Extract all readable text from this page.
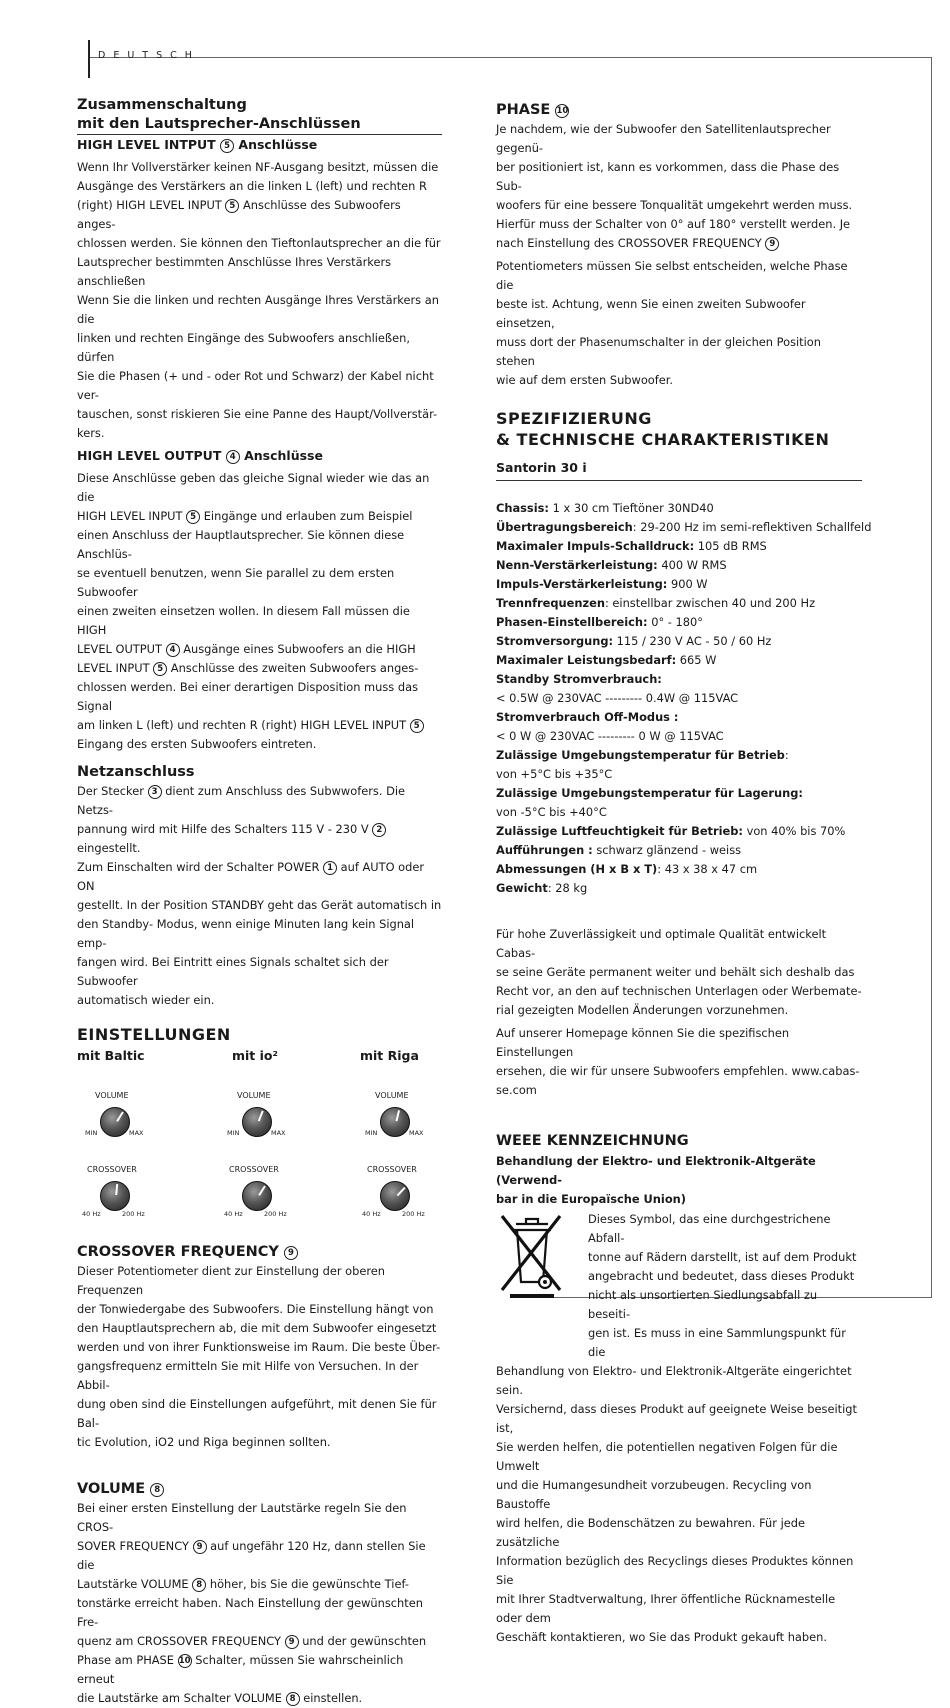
DEUTSCH
Zusammenschaltung
mit den Lautsprecher-Anschlüssen
HIGH LEVEL INTPUT 5 Anschlüsse

Wenn Ihr Vollverstärker keinen NF-Ausgang besitzt, müssen die

Ausgänge des Verstärkers an die linken L (left) und rechten R

(right) HIGH LEVEL INPUT 5 Anschlüsse des Subwoofers anges-

chlossen werden. Sie können den Tieftonlautsprecher an die für

Lautsprecher bestimmten Anschlüsse Ihres Verstärkers anschließen

Wenn Sie die linken und rechten Ausgänge Ihres Verstärkers an die

linken und rechten Eingänge des Subwoofers anschließen, dürfen

Sie die Phasen (+ und - oder Rot und Schwarz) der Kabel nicht ver-

tauschen, sonst riskieren Sie eine Panne des Haupt/Vollverstär-

kers.

HIGH LEVEL OUTPUT 4 Anschlüsse

Diese Anschlüsse geben das gleiche Signal wieder wie das an die

HIGH LEVEL INPUT 5 Eingänge und erlauben zum Beispiel

einen Anschluss der Hauptlautsprecher. Sie können diese Anschlüs-

se eventuell benutzen, wenn Sie parallel zu dem ersten Subwoofer

einen zweiten einsetzen wollen. In diesem Fall müssen die HIGH

LEVEL OUTPUT 4 Ausgänge eines Subwoofers an die HIGH

LEVEL INPUT 5 Anschlüsse des zweiten Subwoofers anges-

chlossen werden. Bei einer derartigen Disposition muss das Signal

am linken L (left) und rechten R (right) HIGH LEVEL INPUT 5

Eingang des ersten Subwoofers eintreten.

Netzanschluss

Der Stecker 3 dient zum Anschluss des Subwwofers. Die Netzs-

pannung wird mit Hilfe des Schalters 115 V - 230 V 2 eingestellt.

Zum Einschalten wird der Schalter POWER 1 auf AUTO oder ON

gestellt. In der Position STANDBY geht das Gerät automatisch in

den Standby- Modus, wenn einige Minuten lang kein Signal emp-

fangen wird. Bei Eintritt eines Signals schaltet sich der Subwoofer

automatisch wieder ein.

EINSTELLUNGEN
mit Baltic
VOLUME
MIN	MAX
CROSSOVER
40 Hz	200 Hz
mit io²
VOLUME
MIN	MAX
CROSSOVER
40 Hz	200 Hz
mit Riga
VOLUME
MIN	MAX
CROSSOVER
40 Hz	200 Hz
CROSSOVER FREQUENCY 9

Dieser Potentiometer dient zur Einstellung der oberen Frequenzen

der Tonwiedergabe des Subwoofers. Die Einstellung hängt von

den Hauptlautsprechern ab, die mit dem Subwoofer eingesetzt

werden und von ihrer Funktionsweise im Raum. Die beste Über-

gangsfrequenz ermitteln Sie mit Hilfe von Versuchen. In der Abbil-

dung oben sind die Einstellungen aufgeführt, mit denen Sie für Bal-

tic Evolution, iO2 und Riga beginnen sollten.

VOLUME 8

Bei einer ersten Einstellung der Lautstärke regeln Sie den CROS-

SOVER FREQUENCY 9 auf ungefähr 120 Hz, dann stellen Sie die

Lautstärke VOLUME 8 höher, bis Sie die gewünschte Tief-

tonstärke erreicht haben. Nach Einstellung der gewünschten Fre-

quenz am CROSSOVER FREQUENCY 9 und der gewünschten

Phase am PHASE 10 Schalter, müssen Sie wahrscheinlich erneut

die Lautstärke am Schalter VOLUME 8 einstellen.

PHASE 10

Je nachdem, wie der Subwoofer den Satellitenlautsprecher gegenü-

ber positioniert ist, kann es vorkommen, dass die Phase des Sub-

woofers für eine bessere Tonqualität umgekehrt werden muss.

Hierfür muss der Schalter von 0° auf 180° verstellt werden. Je

nach Einstellung des CROSSOVER FREQUENCY 9

Potentiometers müssen Sie selbst entscheiden, welche Phase die

beste ist. Achtung, wenn Sie einen zweiten Subwoofer einsetzen,

muss dort der Phasenumschalter in der gleichen Position stehen

wie auf dem ersten Subwoofer.

SPEZIFIZIERUNG
& TECHNISCHE CHARAKTERISTIKEN
Santorin 30 i

Chassis: 1 x 30 cm Tieftöner 30ND40

Übertragungsbereich: 29-200 Hz im semi-reflektiven Schallfeld

Maximaler Impuls-Schalldruck: 105 dB RMS

Nenn-Verstärkerleistung: 400 W RMS

Impuls-Verstärkerleistung: 900 W

Trennfrequenzen: einstellbar zwischen 40 und 200 Hz

Phasen-Einstellbereich: 0° - 180°

Stromversorgung: 115 / 230 V AC - 50 / 60 Hz

Maximaler Leistungsbedarf: 665 W

Standby Stromverbrauch:

< 0.5W @ 230VAC --------- 0.4W @ 115VAC

Stromverbrauch Off-Modus :

< 0 W @ 230VAC --------- 0 W @ 115VAC

Zulässige Umgebungstemperatur für Betrieb:

von +5°C bis +35°C

Zulässige Umgebungstemperatur für Lagerung:

von -5°C bis +40°C

Zulässige Luftfeuchtigkeit für Betrieb: von 40% bis 70%

Aufführungen : schwarz glänzend - weiss

Abmessungen (H x B x T): 43 x 38 x 47 cm

Gewicht: 28 kg

Für hohe Zuverlässigkeit und optimale Qualität entwickelt Cabas-

se seine Geräte permanent weiter und behält sich deshalb das

Recht vor, an den auf technischen Unterlagen oder Werbemate-

rial gezeigten Modellen Änderungen vorzunehmen.

Auf unserer Homepage können Sie die spezifischen Einstellungen

ersehen, die wir für unsere Subwoofers empfehlen. www.cabas-

se.com

WEEE KENNZEICHNUNG
Behandlung der Elektro- und Elektronik-Altgeräte (Verwend-
bar in die Europaïsche Union)

Dieses Symbol, das eine durchgestrichene Abfall-

tonne auf Rädern darstellt, ist auf dem Produkt

angebracht und bedeutet, dass dieses Produkt

nicht als unsortierten Siedlungsabfall zu beseiti-

gen ist. Es muss in eine Sammlungspunkt für die

Behandlung von Elektro- und Elektronik-Altgeräte eingerichtet sein.

Versichernd, dass dieses Produkt auf geeignete Weise beseitigt ist,

Sie werden helfen, die potentiellen negativen Folgen für die Umwelt

und die Humangesundheit vorzubeugen. Recycling von Baustoffe

wird helfen, die Bodenschätzen zu bewahren. Für jede zusätzliche

Information bezüglich des Recyclings dieses Produktes können Sie

mit Ihrer Stadtverwaltung, Ihrer öffentliche Rücknamestelle oder dem

Geschäft kontaktieren, wo Sie das Produkt gekauft haben.
